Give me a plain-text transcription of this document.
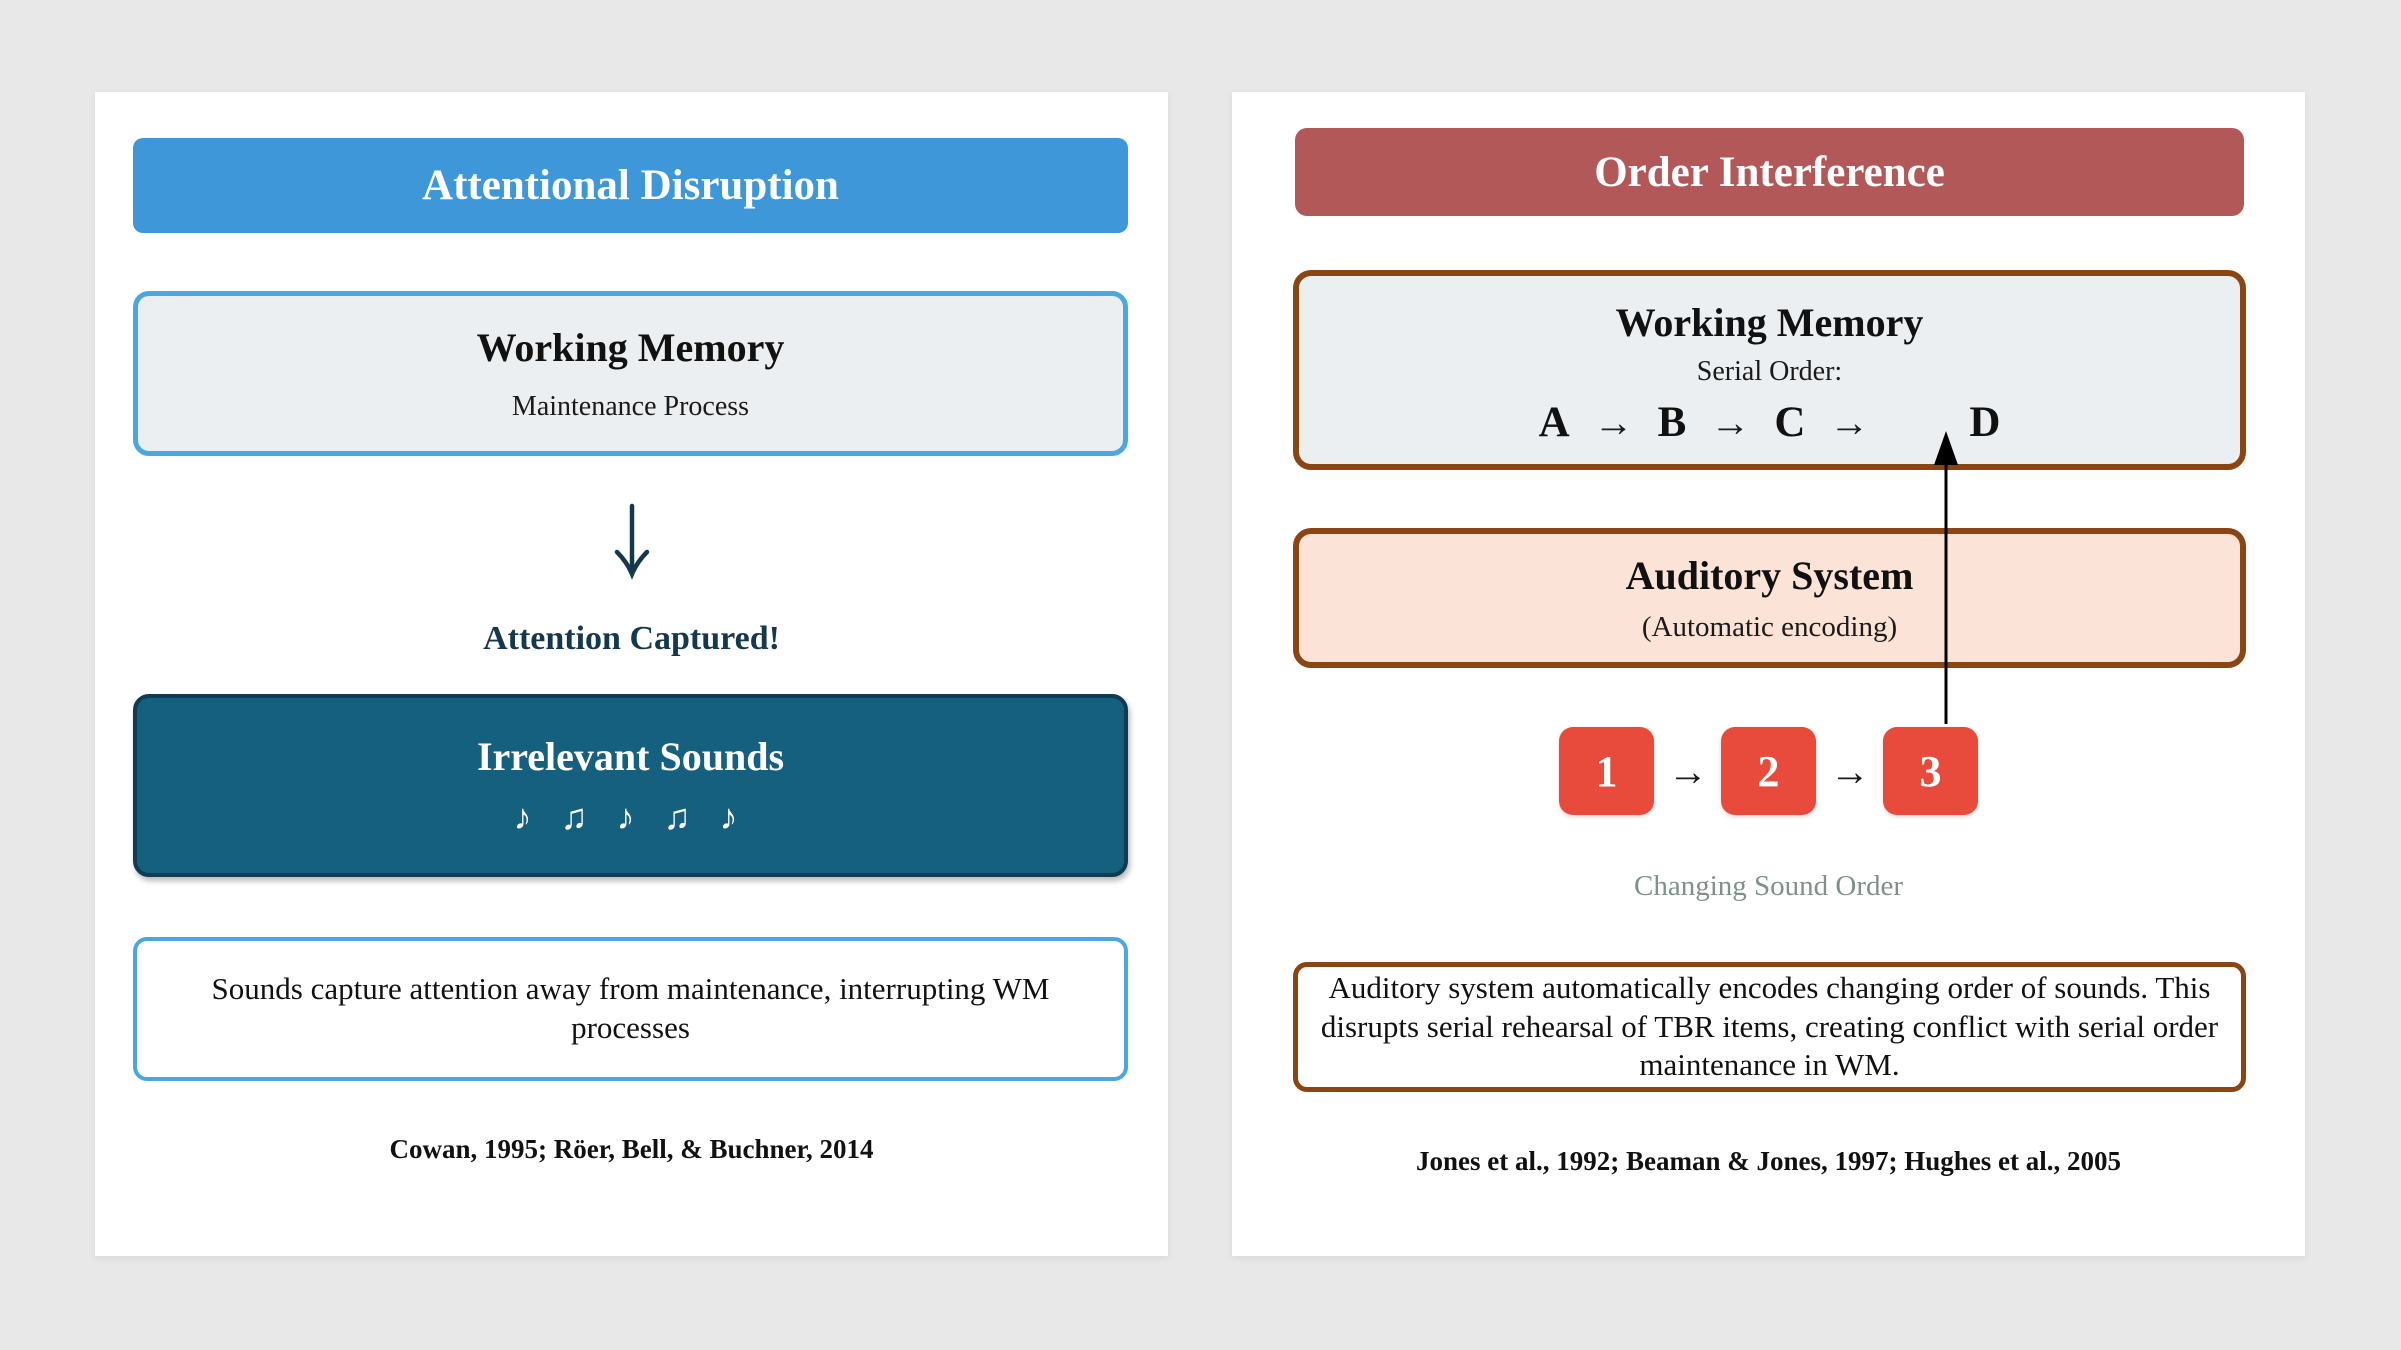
Attentional Disruption
Working Memory
Maintenance Process
Attention Captured!
Irrelevant Sounds
♪ ♫ ♪ ♫ ♪
Sounds capture attention away from maintenance, interrupting WM processes
Cowan, 1995; Röer, Bell, & Buchner, 2014
Order Interference
Working Memory
Serial Order:
A → B → C → D
Auditory System
(Automatic encoding)
1 → 2 → 3
Changing Sound Order
Auditory system automatically encodes changing order of sounds. This disrupts serial rehearsal of TBR items, creating conflict with serial order maintenance in WM.
Jones et al., 1992; Beaman & Jones, 1997; Hughes et al., 2005
